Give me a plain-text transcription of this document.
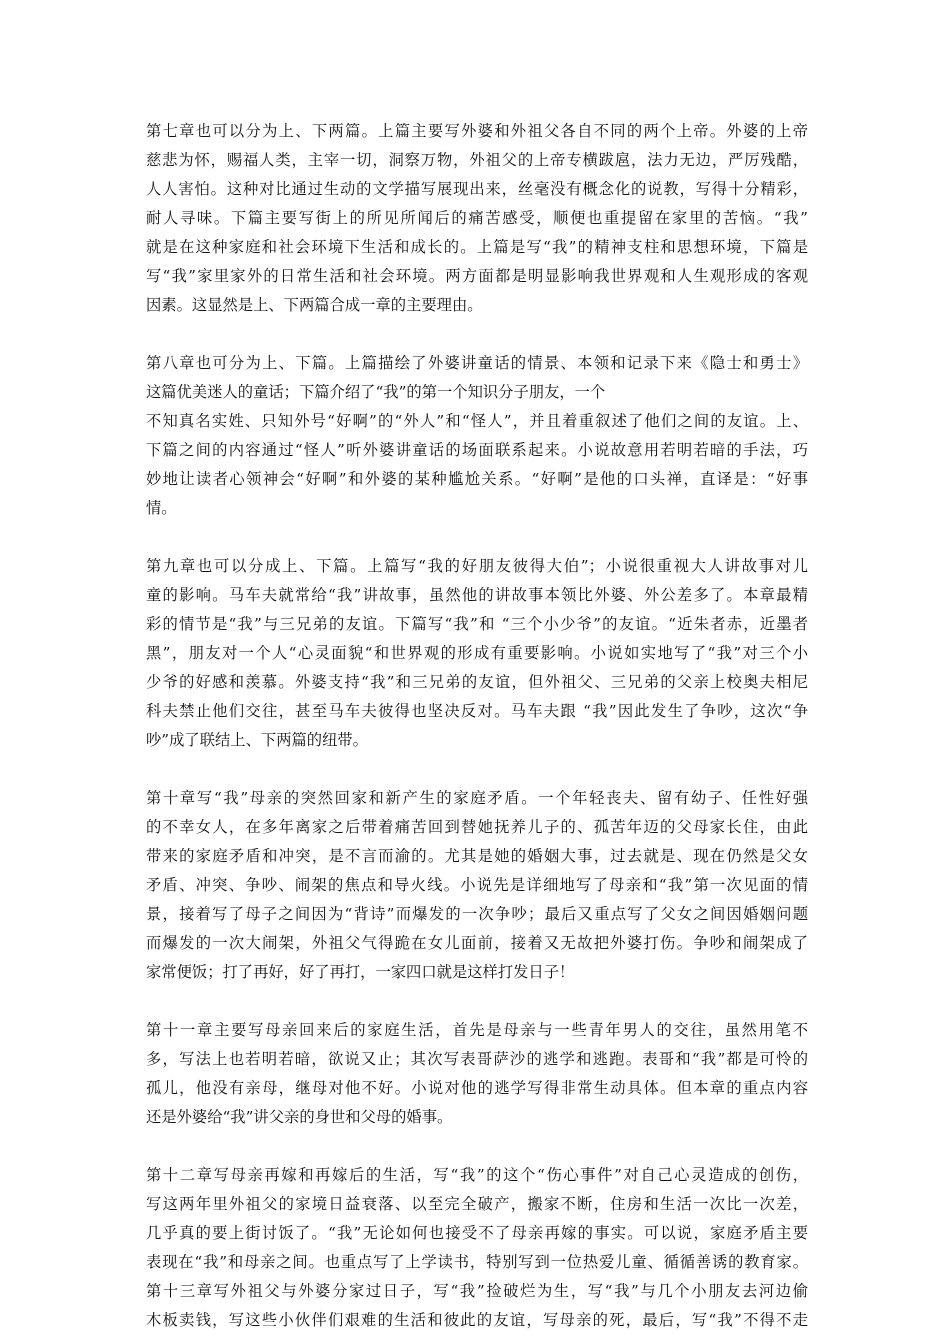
第七章也可以分为上、下两篇。上篇主要写外婆和外祖父各自不同的两个上帝。外婆的上帝
慈悲为怀，赐福人类，主宰一切，洞察万物，外祖父的上帝专横跋扈，法力无边，严厉残酷，
人人害怕。这种对比通过生动的文学描写展现出来，丝毫没有概念化的说教，写得十分精彩，
耐人寻味。下篇主要写街上的所见所闻后的痛苦感受，顺便也重提留在家里的苦恼。“我”
就是在这种家庭和社会环境下生活和成长的。上篇是写“我”的精神支柱和思想环境，下篇是
写“我”家里家外的日常生活和社会环境。两方面都是明显影响我世界观和人生观形成的客观
因素。这显然是上、下两篇合成一章的主要理由。
第八章也可分为上、下篇。上篇描绘了外婆讲童话的情景、本领和记录下来《隐士和勇士》
这篇优美迷人的童话；下篇介绍了“我”的第一个知识分子朋友，一个
不知真名实姓、只知外号“好啊”的“外人”和“怪人”，并且着重叙述了他们之间的友谊。上、
下篇之间的内容通过“怪人”听外婆讲童话的场面联系起来。小说故意用若明若暗的手法，巧
妙地让读者心领神会“好啊”和外婆的某种尴尬关系。“好啊”是他的口头禅，直译是：“好事
情。
第九章也可以分成上、下篇。上篇写“我的好朋友彼得大伯”；小说很重视大人讲故事对儿
童的影响。马车夫就常给“我”讲故事，虽然他的讲故事本领比外婆、外公差多了。本章最精
彩的情节是“我”与三兄弟的友谊。下篇写“我”和 “三个小少爷”的友谊。“近朱者赤，近墨者
黑”，朋友对一个人“心灵面貌“和世界观的形成有重要影响。小说如实地写了“我”对三个小
少爷的好感和羡慕。外婆支持“我”和三兄弟的友谊，但外祖父、三兄弟的父亲上校奥夫相尼
科夫禁止他们交往，甚至马车夫彼得也坚决反对。马车夫跟 “我”因此发生了争吵，这次“争
吵”成了联结上、下两篇的纽带。
第十章写“我”母亲的突然回家和新产生的家庭矛盾。一个年轻丧夫、留有幼子、任性好强
的不幸女人，在多年离家之后带着痛苦回到替她抚养儿子的、孤苦年迈的父母家长住，由此
带来的家庭矛盾和冲突，是不言而渝的。尤其是她的婚姻大事，过去就是、现在仍然是父女
矛盾、冲突、争吵、闹架的焦点和导火线。小说先是详细地写了母亲和“我”第一次见面的情
景，接着写了母子之间因为“背诗”而爆发的一次争吵；最后又重点写了父女之间因婚姻问题
而爆发的一次大闹架，外祖父气得跪在女儿面前，接着又无故把外婆打伤。争吵和闹架成了
家常便饭；打了再好，好了再打，一家四口就是这样打发日子！
第十一章主要写母亲回来后的家庭生活，首先是母亲与一些青年男人的交往，虽然用笔不
多，写法上也若明若暗，欲说又止；其次写表哥萨沙的逃学和逃跑。表哥和“我”都是可怜的
孤儿，他没有亲母，继母对他不好。小说对他的逃学写得非常生动具体。但本章的重点内容
还是外婆给“我”讲父亲的身世和父母的婚事。
第十二章写母亲再嫁和再嫁后的生活，写“我”的这个“伤心事件”对自己心灵造成的创伤，
写这两年里外祖父的家境日益衰落、以至完全破产，搬家不断，住房和生活一次比一次差，
几乎真的要上街讨饭了。“我”无论如何也接受不了母亲再嫁的事实。可以说，家庭矛盾主要
表现在“我”和母亲之间。也重点写了上学读书，特别写到一位热爱儿童、循循善诱的教育家。
第十三章写外祖父与外婆分家过日子，写“我”捡破烂为生，写“我”与几个小朋友去河边偷
木板卖钱，写这些小伙伴们艰难的生活和彼此的友谊，写母亲的死，最后，写“我”不得不走
